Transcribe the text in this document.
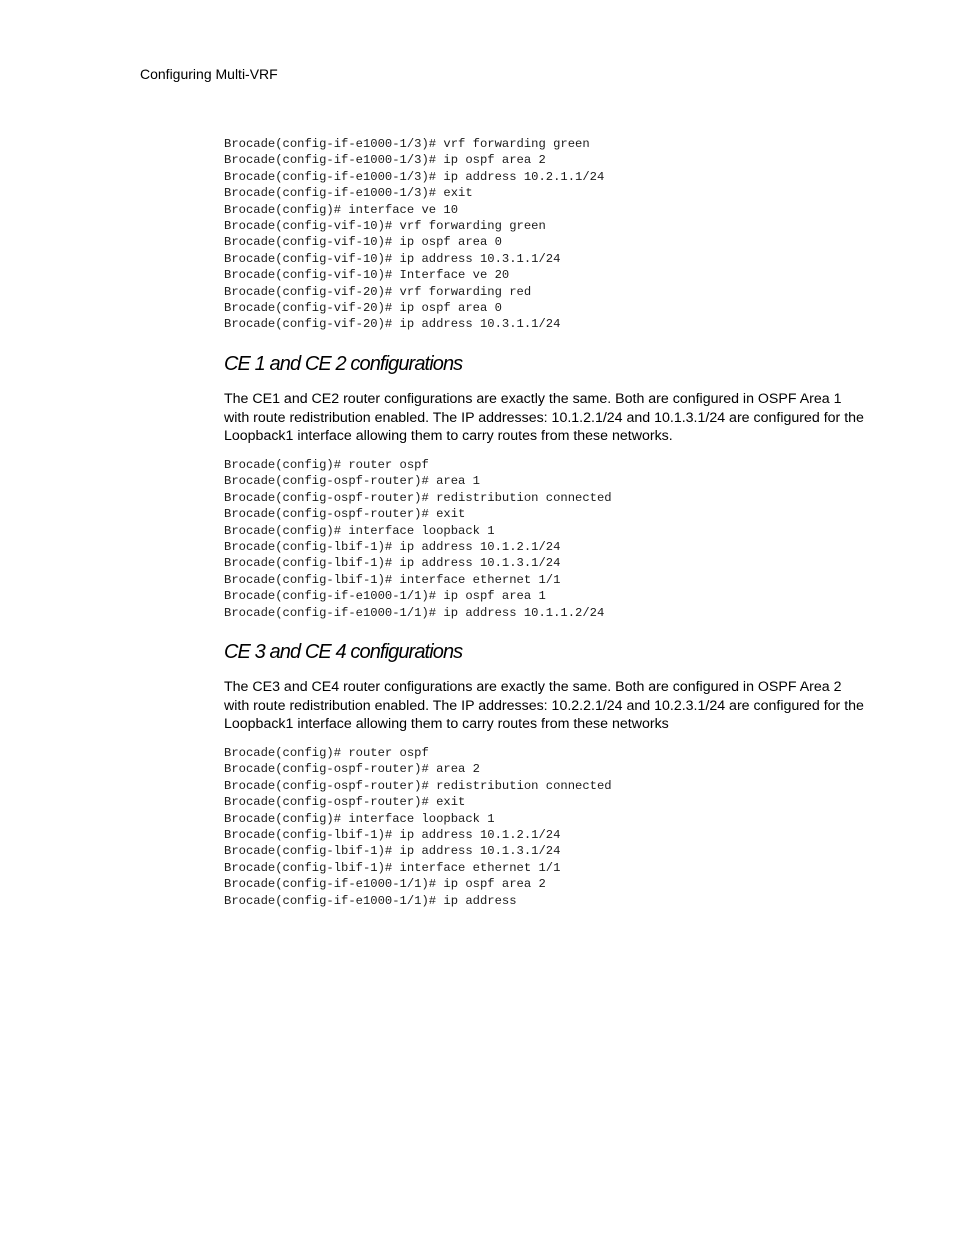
Configuring Multi-VRF
Brocade(config-if-e1000-1/3)# vrf forwarding green
Brocade(config-if-e1000-1/3)# ip ospf area 2
Brocade(config-if-e1000-1/3)# ip address 10.2.1.1/24
Brocade(config-if-e1000-1/3)# exit
Brocade(config)# interface ve 10
Brocade(config-vif-10)# vrf forwarding green
Brocade(config-vif-10)# ip ospf area 0
Brocade(config-vif-10)# ip address 10.3.1.1/24
Brocade(config-vif-10)# Interface ve 20
Brocade(config-vif-20)# vrf forwarding red
Brocade(config-vif-20)# ip ospf area 0
Brocade(config-vif-20)# ip address 10.3.1.1/24
CE 1 and CE 2 configurations

The CE1 and CE2 router configurations are exactly the same. Both are configured in OSPF Area 1 with route redistribution enabled. The IP addresses: 10.1.2.1/24 and 10.1.3.1/24 are configured for the Loopback1 interface allowing them to carry routes from these networks.

Brocade(config)# router ospf
Brocade(config-ospf-router)# area 1
Brocade(config-ospf-router)# redistribution connected
Brocade(config-ospf-router)# exit
Brocade(config)# interface loopback 1
Brocade(config-lbif-1)# ip address 10.1.2.1/24
Brocade(config-lbif-1)# ip address 10.1.3.1/24
Brocade(config-lbif-1)# interface ethernet 1/1
Brocade(config-if-e1000-1/1)# ip ospf area 1
Brocade(config-if-e1000-1/1)# ip address 10.1.1.2/24
CE 3 and CE 4 configurations

The CE3 and CE4 router configurations are exactly the same. Both are configured in OSPF Area 2 with route redistribution enabled. The IP addresses: 10.2.2.1/24 and 10.2.3.1/24 are configured for the Loopback1 interface allowing them to carry routes from these networks

Brocade(config)# router ospf
Brocade(config-ospf-router)# area 2
Brocade(config-ospf-router)# redistribution connected
Brocade(config-ospf-router)# exit
Brocade(config)# interface loopback 1
Brocade(config-lbif-1)# ip address 10.1.2.1/24
Brocade(config-lbif-1)# ip address 10.1.3.1/24
Brocade(config-lbif-1)# interface ethernet 1/1
Brocade(config-if-e1000-1/1)# ip ospf area 2
Brocade(config-if-e1000-1/1)# ip address
